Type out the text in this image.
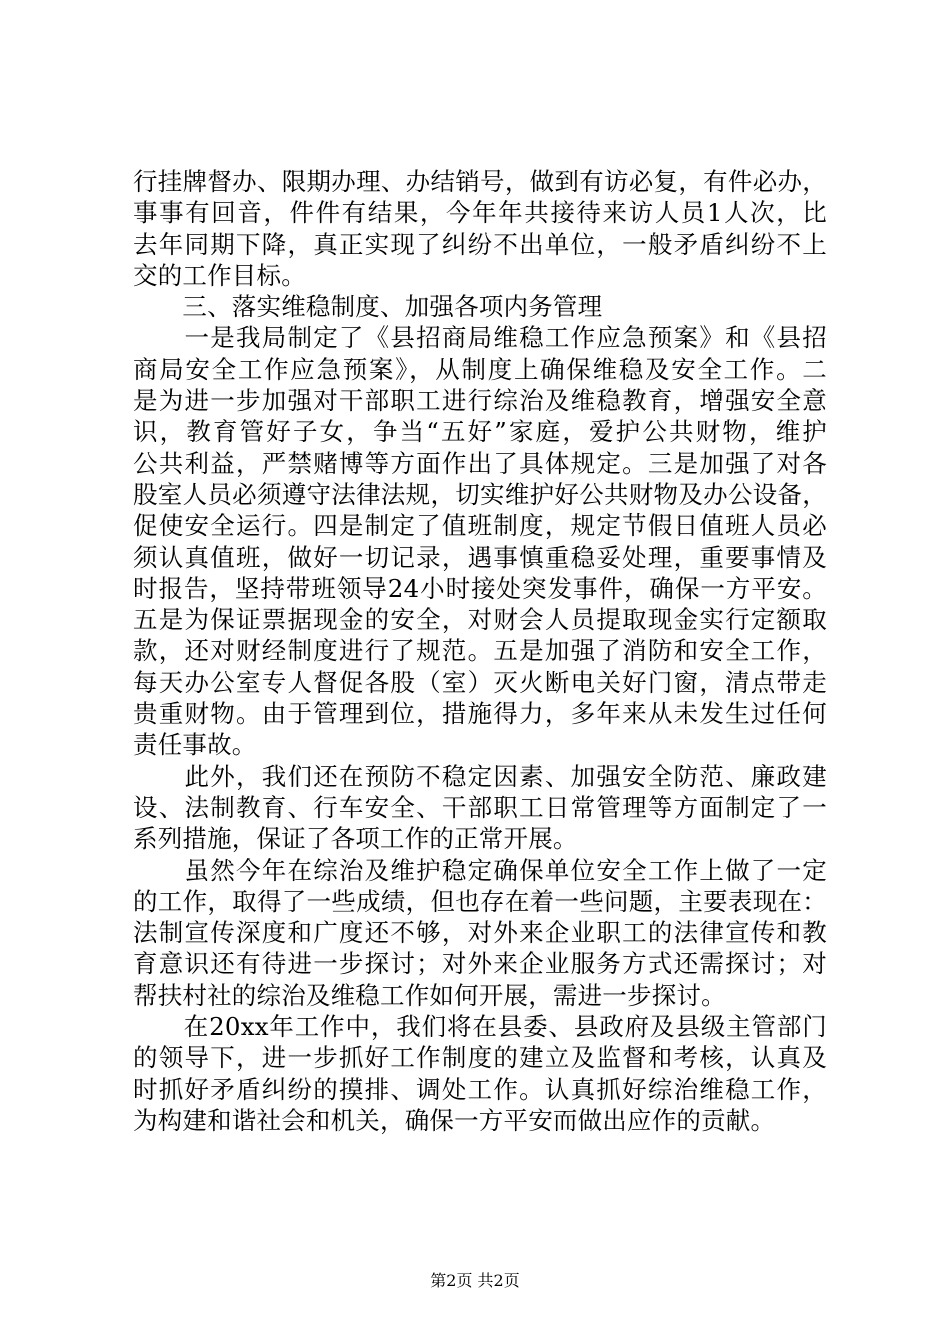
行挂牌督办、限期办理、办结销号，做到有访必复，有件必办，
事事有回音，件件有结果，今年年共接待来访人员1人次，比
去年同期下降，真正实现了纠纷不出单位，一般矛盾纠纷不上
交的工作目标。
　　三、落实维稳制度、加强各项内务管理
　　一是我局制定了《县招商局维稳工作应急预案》和《县招
商局安全工作应急预案》，从制度上确保维稳及安全工作。二
是为进一步加强对干部职工进行综治及维稳教育，增强安全意
识，教育管好子女，争当“五好”家庭，爱护公共财物，维护
公共利益，严禁赌博等方面作出了具体规定。三是加强了对各
股室人员必须遵守法律法规，切实维护好公共财物及办公设备，
促使安全运行。四是制定了值班制度，规定节假日值班人员必
须认真值班，做好一切记录，遇事慎重稳妥处理，重要事情及
时报告，坚持带班领导24小时接处突发事件，确保一方平安。
五是为保证票据现金的安全，对财会人员提取现金实行定额取
款，还对财经制度进行了规范。五是加强了消防和安全工作，
每天办公室专人督促各股（室）灭火断电关好门窗，清点带走
贵重财物。由于管理到位，措施得力，多年来从未发生过任何
责任事故。
　　此外，我们还在预防不稳定因素、加强安全防范、廉政建
设、法制教育、行车安全、干部职工日常管理等方面制定了一
系列措施，保证了各项工作的正常开展。
　　虽然今年在综治及维护稳定确保单位安全工作上做了一定
的工作，取得了一些成绩，但也存在着一些问题，主要表现在：
法制宣传深度和广度还不够，对外来企业职工的法律宣传和教
育意识还有待进一步探讨；对外来企业服务方式还需探讨；对
帮扶村社的综治及维稳工作如何开展，需进一步探讨。
　　在20xx年工作中，我们将在县委、县政府及县级主管部门
的领导下，进一步抓好工作制度的建立及监督和考核，认真及
时抓好矛盾纠纷的摸排、调处工作。认真抓好综治维稳工作，
为构建和谐社会和机关，确保一方平安而做出应作的贡献。
第2页 共2页
